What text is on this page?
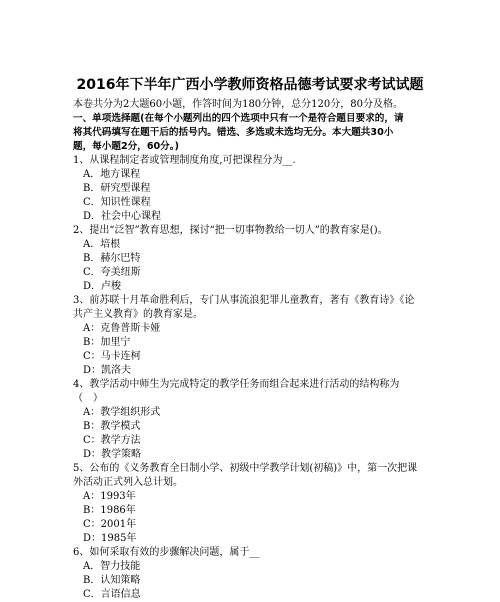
2016年下半年广西小学教师资格品德考试要求考试试题
本卷共分为2大题60小题，作答时间为180分钟，总分120分，80分及格。
一、单项选择题(在每个小题列出的四个选项中只有一个是符合题目要求的，请
将其代码填写在题干后的括号内。错选、多选或未选均无分。本大题共30小
题，每小题2分，60分。)
1、从课程制定者或管理制度角度,可把课程分为__.
A．地方课程
B．研究型课程
C．知识性课程
D．社会中心课程
2、提出“泛智”教育思想，探讨“把一切事物教给一切人”的教育家是()。
A．培根
B．赫尔巴特
C．夸美纽斯
D．卢梭
3、前苏联十月革命胜利后，专门从事流浪犯罪儿童教育，著有《教育诗》《论
共产主义教育》的教育家是。
A：克鲁普斯卡娅
B：加里宁
C：马卡连柯
D：凯洛夫
4、教学活动中师生为完成特定的教学任务而组合起来进行活动的结构称为
（　）
A：教学组织形式
B：教学模式
C：教学方法
D：教学策略
5、公布的《义务教育全日制小学、初级中学教学计划(初稿)》中，第一次把课
外活动正式列入总计划。
A：1993年
B：1986年
C：2001年
D：1985年
6、如何采取有效的步骤解决问题，属于__
A．智力技能
B．认知策略
C．言语信息
